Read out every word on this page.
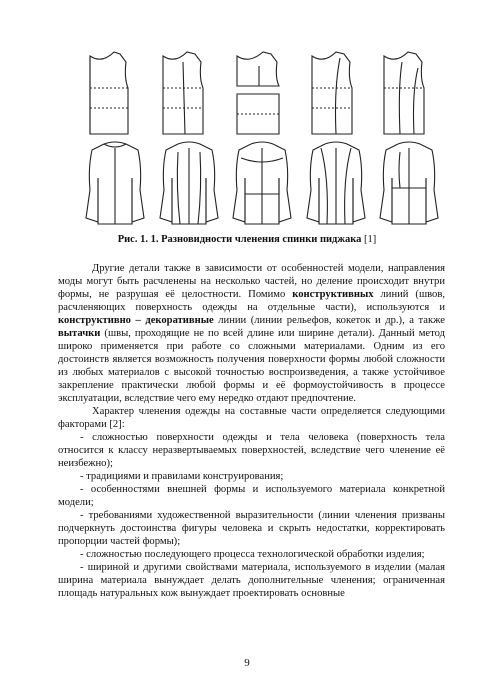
Рис. 1. 1. Разновидности членения спинки пиджака [1]

Другие детали также в зависимости от особенностей модели, направления моды могут быть расчленены на несколько частей, но деление происходит внутри формы, не разрушая её целостности. Помимо конструктивных линий (швов, расчленяющих поверхность одежды на отдельные части), используются и конструктивно – декоративные линии (линии рельефов, кокеток и др.), а также вытачки (швы, проходящие не по всей длине или ширине детали). Данный метод широко применяется при работе со сложными материалами. Одним из его достоинств является возможность получения поверхности формы любой сложности из любых материалов с высокой точностью воспроизведения, а также устойчивое закрепление практически любой формы и её формоустойчивость в процессе эксплуатации, вследствие чего ему нередко отдают предпочтение.

Характер членения одежды на составные части определяется следующими факторами [2]:

- сложностью поверхности одежды и тела человека (поверхность тела относится к классу неразвертываемых поверхностей, вследствие чего членение её неизбежно);

- традициями и правилами конструирования;

- особенностями внешней формы и используемого материала конкретной модели;

- требованиями художественной выразительности (линии членения призваны подчеркнуть достоинства фигуры человека и скрыть недостатки, корректировать пропорции частей формы);

- сложностью последующего процесса технологической обработки изделия;

- шириной и другими свойствами материала, используемого в изделии (малая ширина материала вынуждает делать дополнительные членения; ограниченная площадь натуральных кож вынуждает проектировать основные

9
